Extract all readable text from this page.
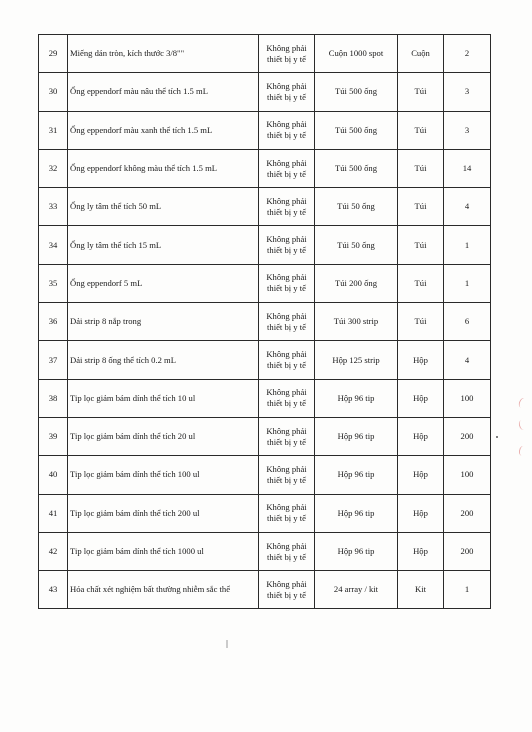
29	Miếng dán tròn, kích thước 3/8""	Không phải
thiết bị y tế	Cuộn 1000 spot	Cuộn	2
30	Ống eppendorf màu nâu thể tích 1.5 mL	Không phải
thiết bị y tế	Túi 500 ống	Túi	3
31	Ống eppendorf màu xanh thể tích 1.5 mL	Không phải
thiết bị y tế	Túi 500 ống	Túi	3
32	Ống eppendorf không màu thể tích 1.5 mL	Không phải
thiết bị y tế	Túi 500 ống	Túi	14
33	Ống ly tâm thể tích 50 mL	Không phải
thiết bị y tế	Túi 50 ống	Túi	4
34	Ống ly tâm thể tích 15 mL	Không phải
thiết bị y tế	Túi 50 ống	Túi	1
35	Ống eppendorf 5 mL	Không phải
thiết bị y tế	Túi 200 ống	Túi	1
36	Dải strip 8 nắp trong	Không phải
thiết bị y tế	Túi 300 strip	Túi	6
37	Dải strip 8 ống thể tích 0.2 mL	Không phải
thiết bị y tế	Hộp 125 strip	Hộp	4
38	Tip lọc giảm bám dính thể tích 10 ul	Không phải
thiết bị y tế	Hộp 96 tip	Hộp	100
39	Tip lọc giảm bám dính thể tích 20 ul	Không phải
thiết bị y tế	Hộp 96 tip	Hộp	200
40	Tip lọc giảm bám dính thể tích 100 ul	Không phải
thiết bị y tế	Hộp 96 tip	Hộp	100
41	Tip lọc giảm bám dính thể tích 200 ul	Không phải
thiết bị y tế	Hộp 96 tip	Hộp	200
42	Tip lọc giảm bám dính thể tích 1000 ul	Không phải
thiết bị y tế	Hộp 96 tip	Hộp	200
43	Hóa chất xét nghiệm bất thường nhiễm sắc thể	Không phải
thiết bị y tế	24 array / kit	Kit	1
